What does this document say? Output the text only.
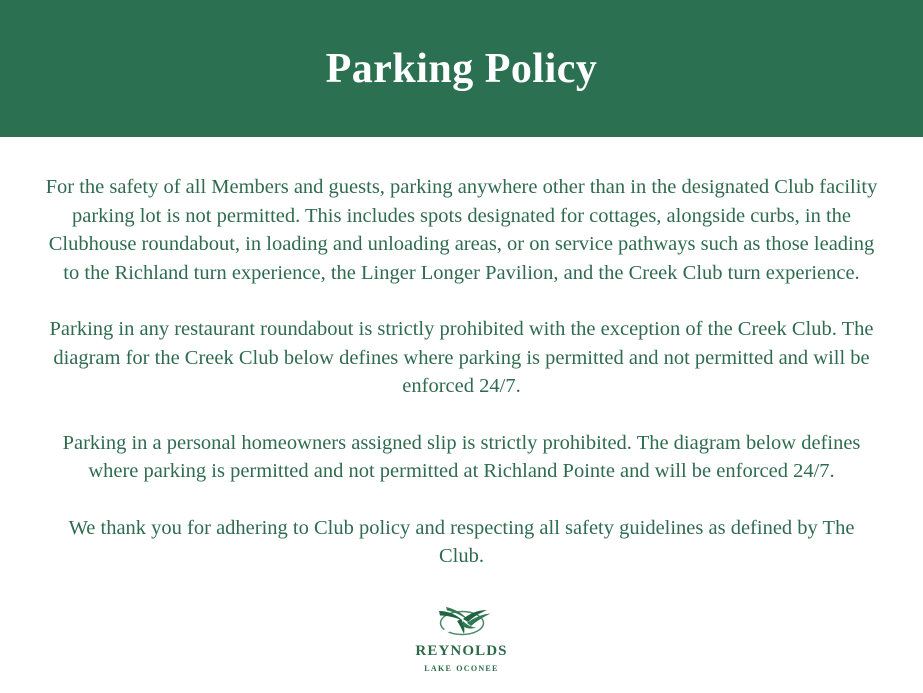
Parking Policy

For the safety of all Members and guests, parking anywhere other than in the designated Club facility parking lot is not permitted. This includes spots designated for cottages, alongside curbs, in the Clubhouse roundabout, in loading and unloading areas, or on service pathways such as those leading to the Richland turn experience, the Linger Longer Pavilion, and the Creek Club turn experience.

Parking in any restaurant roundabout is strictly prohibited with the exception of the Creek Club. The diagram for the Creek Club below defines where parking is permitted and not permitted and will be enforced 24/7.

Parking in a personal homeowners assigned slip is strictly prohibited. The diagram below defines where parking is permitted and not permitted at Richland Pointe and will be enforced 24/7.

We thank you for adhering to Club policy and respecting all safety guidelines as defined by The Club.

reynolds
lake oconee
